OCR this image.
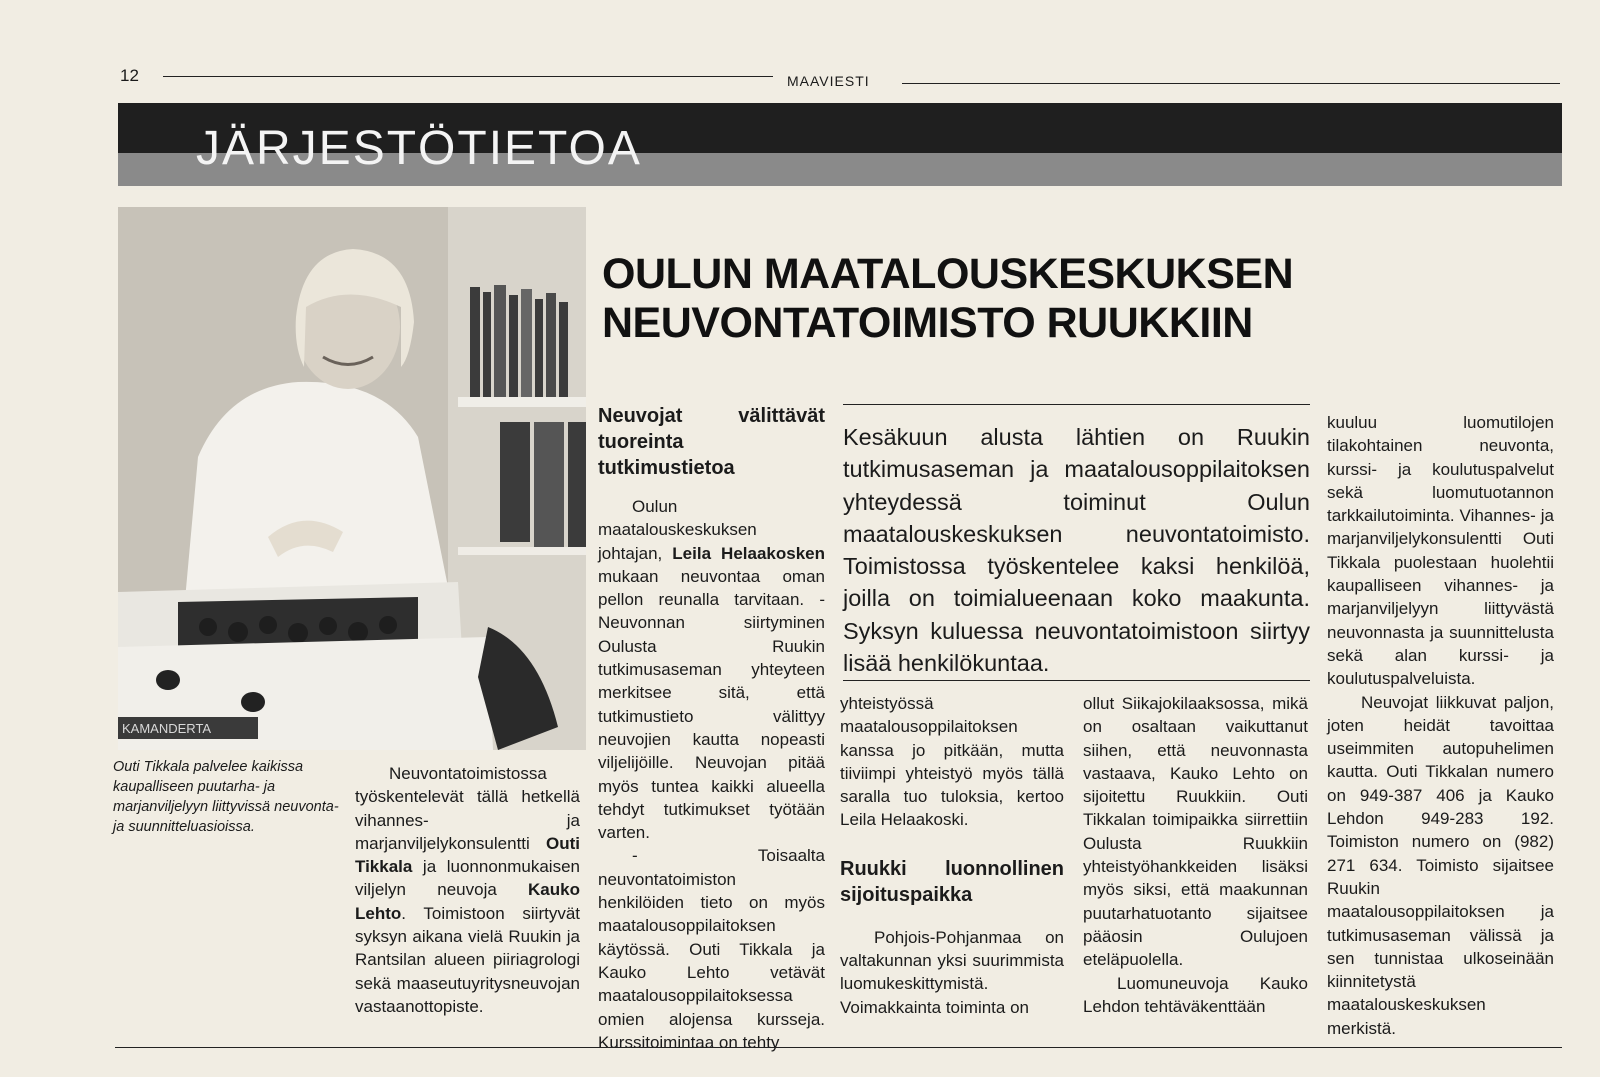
12	MAAVIESTI
JÄRJESTÖTIETOA
KAMANDERTA
Outi Tikkala palvelee kaikissa kaupalliseen puutarha- ja marjanviljelyyn liittyvissä neuvonta- ja suunnitteluasioissa.
OULUN MAATALOUSKESKUKSEN
NEUVONTATOIMISTO RUUKKIIN
Kesäkuun alusta lähtien on Ruukin tutkimusaseman ja maatalousoppilaitoksen yhteydessä toiminut Oulun maatalouskeskuksen neuvontatoimisto. Toimistossa työskentelee kaksi henkilöä, joilla on toimialueenaan koko maakunta. Syksyn kuluessa neuvontatoimistoon siirtyy lisää henkilökuntaa.

Neuvontatoimistossa työskentelevät tällä hetkellä vihannes- ja marjanviljelykonsulentti Outi Tikkala ja luonnonmukaisen viljelyn neuvoja Kauko Lehto. Toimistoon siirtyvät syksyn aikana vielä Ruukin ja Rantsilan alueen piiriagrologi sekä maaseutuyritysneuvojan vastaanottopiste.

Neuvojat välittävät tuoreinta tutkimustietoa

Oulun maatalouskeskuksen johtajan, Leila Helaakosken mukaan neuvontaa oman pellon reunalla tarvitaan. - Neuvonnan siirtyminen Oulusta Ruukin tutkimusaseman yhteyteen merkitsee sitä, että tutkimustieto välittyy neuvojien kautta nopeasti viljelijöille. Neuvojan pitää myös tuntea kaikki alueella tehdyt tutkimukset työtään varten.

- Toisaalta neuvontatoimiston henkilöiden tieto on myös maatalousoppilaitoksen käytössä. Outi Tikkala ja Kauko Lehto vetävät maatalousoppilaitoksessa omien alojensa kursseja. Kurssitoimintaa on tehty

yhteistyössä maatalousoppilaitoksen kanssa jo pitkään, mutta tiiviimpi yhteistyö myös tällä saralla tuo tuloksia, kertoo Leila Helaakoski.

Ruukki luonnollinen sijoituspaikka

Pohjois-Pohjanmaa on valtakunnan yksi suurimmista luomukeskittymistä. Voimakkainta toiminta on

ollut Siikajokilaaksossa, mikä on osaltaan vaikuttanut siihen, että neuvonnasta vastaava, Kauko Lehto on sijoitettu Ruukkiin. Outi Tikkalan toimipaikka siirrettiin Oulusta Ruukkiin yhteistyöhankkeiden lisäksi myös siksi, että maakunnan puutarhatuotanto sijaitsee pääosin Oulujoen eteläpuolella.

Luomuneuvoja Kauko Lehdon tehtäväkenttään

kuuluu luomutilojen tilakohtainen neuvonta, kurssi- ja koulutuspalvelut sekä luomutuotannon tarkkailutoiminta. Vihannes- ja marjanviljelykonsulentti Outi Tikkala puolestaan huolehtii kaupalliseen vihannes- ja marjanviljelyyn liittyvästä neuvonnasta ja suunnittelusta sekä alan kurssi- ja koulutuspalveluista.

Neuvojat liikkuvat paljon, joten heidät tavoittaa useimmiten autopuhelimen kautta. Outi Tikkalan numero on 949-387 406 ja Kauko Lehdon 949-283 192. Toimiston numero on (982) 271 634. Toimisto sijaitsee Ruukin maatalousoppilaitoksen ja tutkimusaseman välissä ja sen tunnistaa ulkoseinään kiinnitetystä maatalouskeskuksen merkistä.
